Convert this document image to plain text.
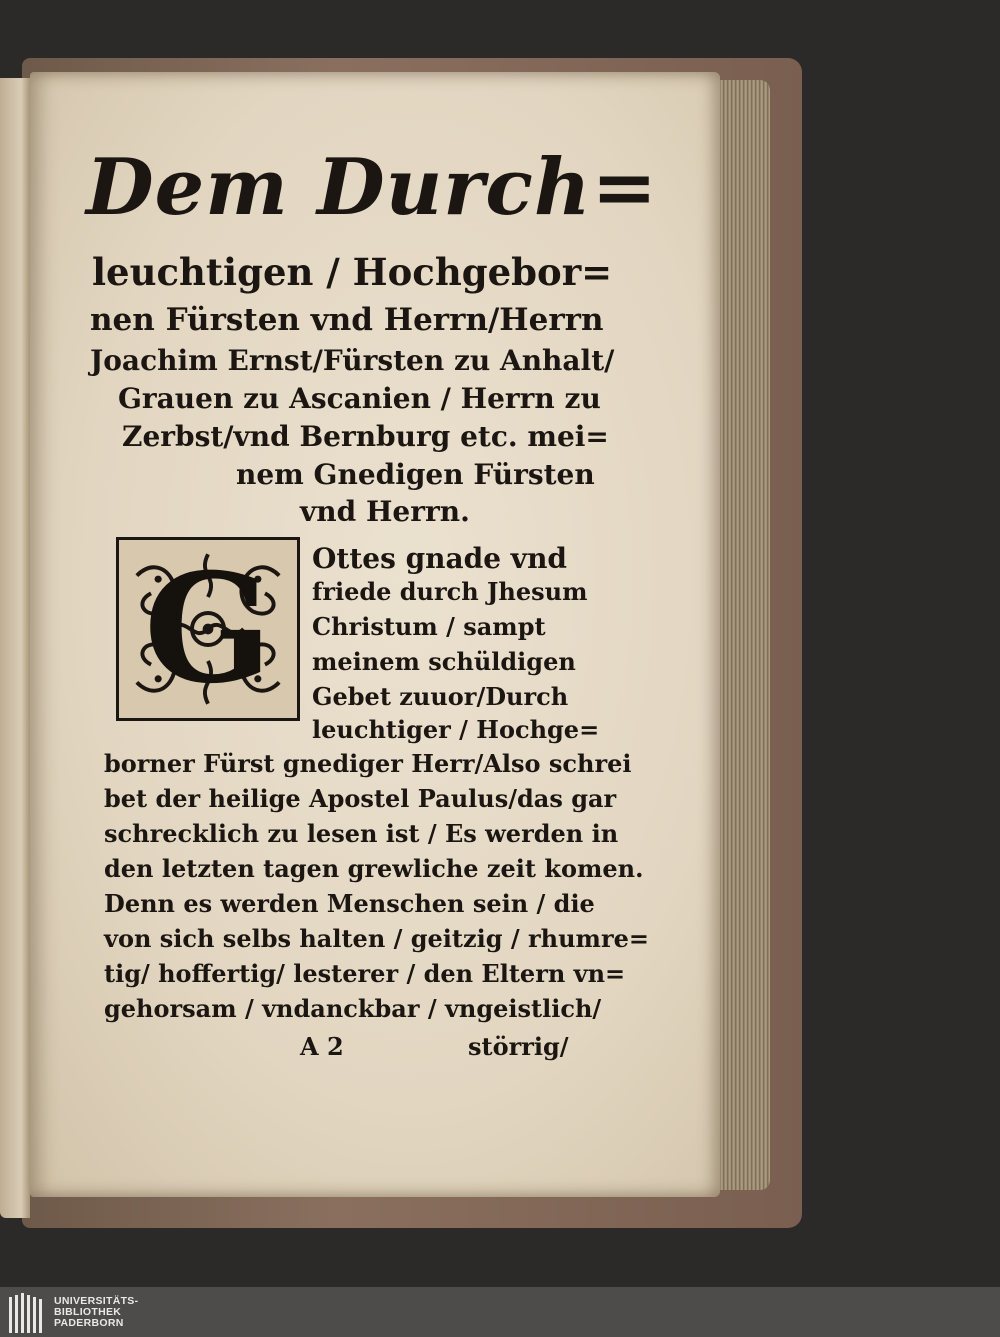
Dem Durch=
leuchtigen / Hochgebor=
nen Fürsten vnd Herrn/Herrn
Joachim Ernst/Fürsten zu Anhalt/
Grauen zu Ascanien / Herrn zu
Zerbst/vnd Bernburg etc. mei=
nem Gnedigen Fürsten
vnd Herrn.
G	Ottes gnade vnd
friede durch Jhesum
Christum / sampt
meinem schüldigen
Gebet zuuor/Durch
leuchtiger / Hochge=
borner Fürst gnediger Herr/Also schrei
bet der heilige Apostel Paulus/das gar
schrecklich zu lesen ist / Es werden in
den letzten tagen grewliche zeit komen.
Denn es werden Menschen sein / die
von sich selbs halten / geitzig / rhumre=
tig/ hoffertig/ lesterer / den Eltern vn=
gehorsam / vndanckbar / vngeistlich/
A 2	störrig/
UNIVERSITÄTS-
BIBLIOTHEK
PADERBORN
